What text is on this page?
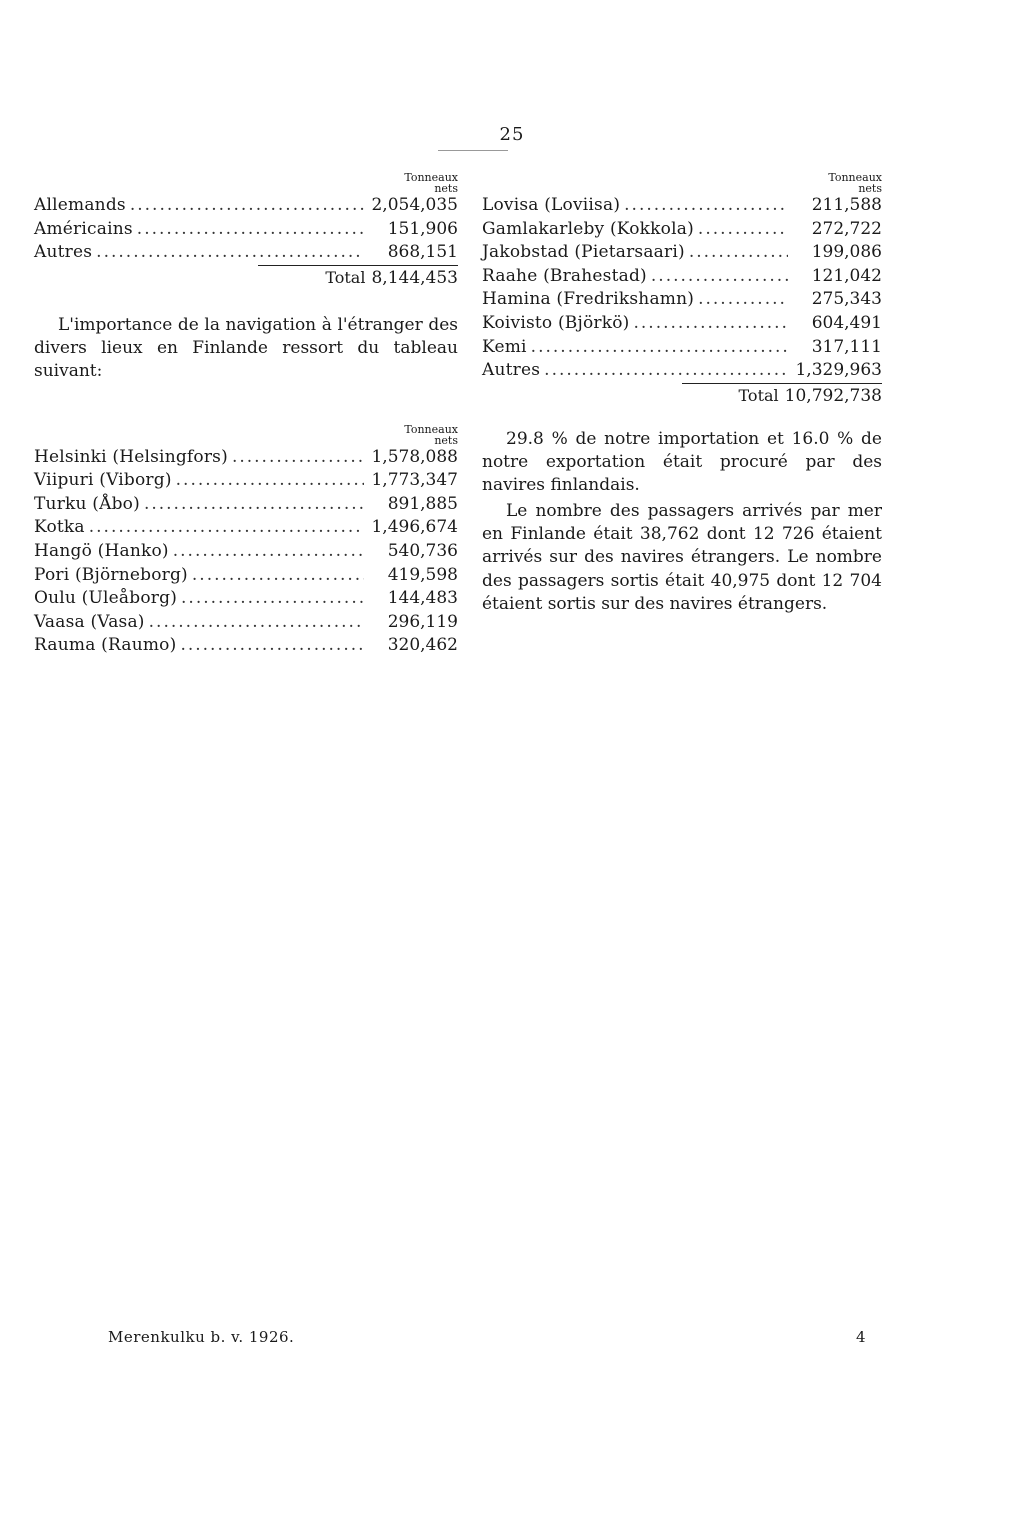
25
Tonneaux
nets
Allemands .....	2,054,035
Américains .....	151,906
Autres .....	868,151
Total 8,144,453

L'importance de la navigation à l'étranger des divers lieux en Finlande ressort du tableau suivant:

Tonneaux
nets
Helsinki (Helsingfors) .....	1,578,088
Viipuri (Viborg) .....	1,773,347
Turku (Åbo) .....	891,885
Kotka .....	1,496,674
Hangö (Hanko) .....	540,736
Pori (Björneborg) .....	419,598
Oulu (Uleåborg) .....	144,483
Vaasa (Vasa) .....	296,119
Rauma (Raumo) .....	320,462
Tonneaux
nets
Lovisa (Loviisa) .....	211,588
Gamlakarleby (Kokkola) .....	272,722
Jakobstad (Pietarsaari) .....	199,086
Raahe (Brahestad) .....	121,042
Hamina (Fredrikshamn) .....	275,343
Koivisto (Björkö) .....	604,491
Kemi .....	317,111
Autres .....	1,329,963
Total 10,792,738

29.8 % de notre importation et 16.0 % de notre exportation était procuré par des navires finlandais.

Le nombre des passagers arrivés par mer en Finlande était 38,762 dont 12 726 étaient arrivés sur des navires étrangers. Le nombre des passagers sortis était 40,975 dont 12 704 étaient sortis sur des navires étrangers.

Merenkulku b. v. 1926.	4
